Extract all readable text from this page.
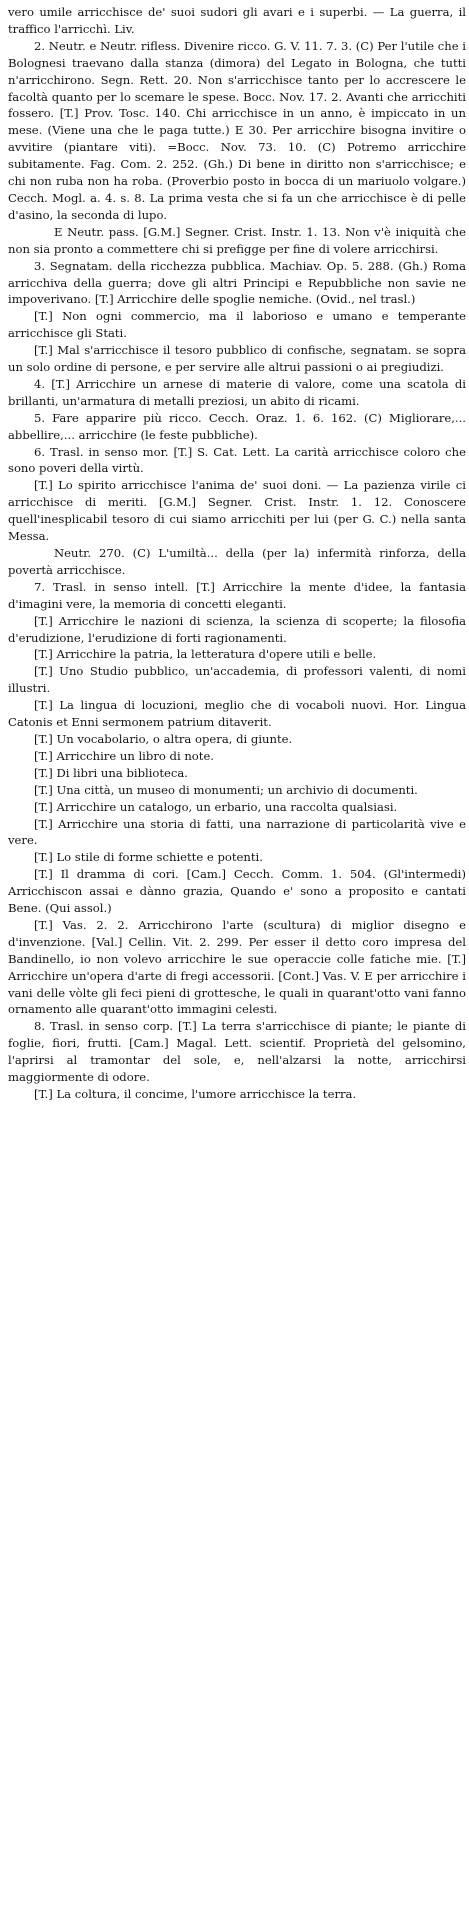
vero umile arricchisce de' suoi sudori gli avari e i superbi. — La guerra, il traffico l'arricchì. Liv.

2. Neutr. e Neutr. rifless. Divenire ricco. G. V. 11. 7. 3. (C) Per l'utile che i Bolognesi traevano dalla stanza (dimora) del Legato in Bologna, che tutti n'arricchirono. Segn. Rett. 20. Non s'arricchisce tanto per lo accrescere le facoltà quanto per lo scemare le spese. Bocc. Nov. 17. 2. Avanti che arricchiti fossero. [T.] Prov. Tosc. 140. Chi arricchisce in un anno, è impiccato in un mese. (Viene una che le paga tutte.) E 30. Per arricchire bisogna invitire o avvitire (piantare viti). =Bocc. Nov. 73. 10. (C) Potremo arricchire subitamente. Fag. Com. 2. 252. (Gh.) Di bene in diritto non s'arricchisce; e chi non ruba non ha roba. (Proverbio posto in bocca di un mariuolo volgare.) Cecch. Mogl. a. 4. s. 8. La prima vesta che si fa un che arricchisce è di pelle d'asino, la seconda di lupo.

E Neutr. pass. [G.M.] Segner. Crist. Instr. 1. 13. Non v'è iniquità che non sia pronto a commettere chi si prefigge per fine di volere arricchirsi.

3. Segnatam. della ricchezza pubblica. Machiav. Op. 5. 288. (Gh.) Roma arricchiva della guerra; dove gli altri Principi e Repubbliche non savie ne impoverivano. [T.] Arricchire delle spoglie nemiche. (Ovid., nel trasl.)

[T.] Non ogni commercio, ma il laborioso e umano e temperante arricchisce gli Stati.

[T.] Mal s'arricchisce il tesoro pubblico di confische, segnatam. se sopra un solo ordine di persone, e per servire alle altrui passioni o ai pregiudizi.

4. [T.] Arricchire un arnese di materie di valore, come una scatola di brillanti, un'armatura di metalli preziosi, un abito di ricami.

5. Fare apparire più ricco. Cecch. Oraz. 1. 6. 162. (C) Migliorare,... abbellire,... arricchire (le feste pubbliche).

6. Trasl. in senso mor. [T.] S. Cat. Lett. La carità arricchisce coloro che sono poveri della virtù.

[T.] Lo spirito arricchisce l'anima de' suoi doni. — La pazienza virile ci arricchisce di meriti. [G.M.] Segner. Crist. Instr. 1. 12. Conoscere quell'inesplicabil tesoro di cui siamo arricchiti per lui (per G. C.) nella santa Messa.

Neutr. 270. (C) L'umiltà... della (per la) infermità rinforza, della povertà arricchisce.

7. Trasl. in senso intell. [T.] Arricchire la mente d'idee, la fantasia d'imagini vere, la memoria di concetti eleganti.

[T.] Arricchire le nazioni di scienza, la scienza di scoperte; la filosofia d'erudizione, l'erudizione di forti ragionamenti.

[T.] Arricchire la patria, la letteratura d'opere utili e belle.

[T.] Uno Studio pubblico, un'accademia, di professori valenti, di nomi illustri.

[T.] La lingua di locuzioni, meglio che di vocaboli nuovi. Hor. Lingua Catonis et Enni sermonem patrium ditaverit.

[T.] Un vocabolario, o altra opera, di giunte.

[T.] Arricchire un libro di note.

[T.] Di libri una biblioteca.

[T.] Una città, un museo di monumenti; un archivio di documenti.

[T.] Arricchire un catalogo, un erbario, una raccolta qualsiasi.

[T.] Arricchire una storia di fatti, una narrazione di particolarità vive e vere.

[T.] Lo stile di forme schiette e potenti.

[T.] Il dramma di cori. [Cam.] Cecch. Comm. 1. 504. (Gl'intermedi) Arricchiscon assai e dànno grazia, Quando e' sono a proposito e cantati Bene. (Qui assol.)

[T.] Vas. 2. 2. Arricchirono l'arte (scultura) di miglior disegno e d'invenzione. [Val.] Cellin. Vit. 2. 299. Per esser il detto coro impresa del Bandinello, io non volevo arricchire le sue operaccie colle fatiche mie. [T.] Arricchire un'opera d'arte di fregi accessorii. [Cont.] Vas. V. E per arricchire i vani delle vòlte gli feci pieni di grottesche, le quali in quarant'otto vani fanno ornamento alle quarant'otto immagini celesti.

8. Trasl. in senso corp. [T.] La terra s'arricchisce di piante; le piante di foglie, fiori, frutti. [Cam.] Magal. Lett. scientif. Proprietà del gelsomino, l'aprirsi al tramontar del sole, e, nell'alzarsi la notte, arricchirsi maggiormente di odore.

[T.] La coltura, il concime, l'umore arricchisce la terra.
